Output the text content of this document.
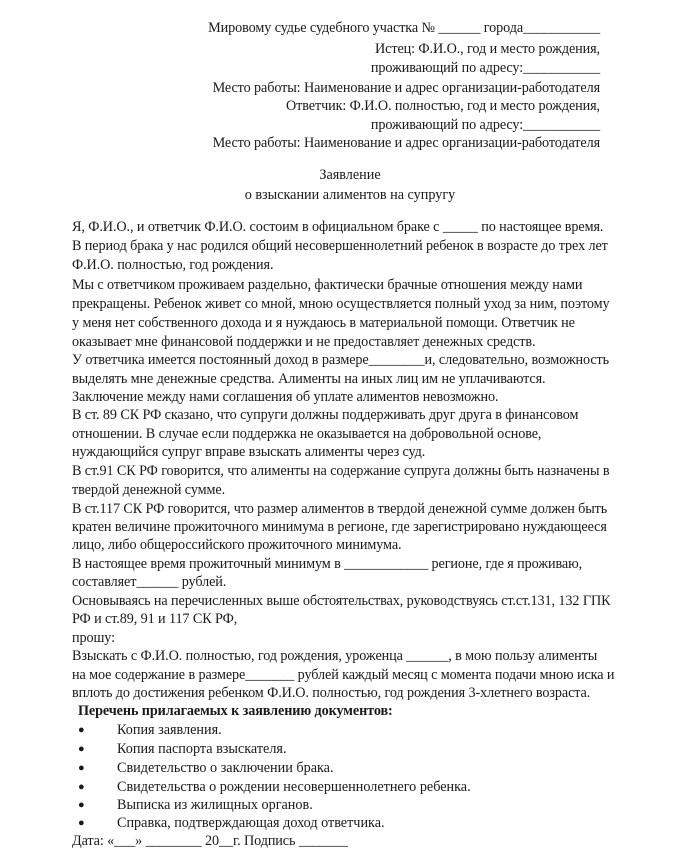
Мировому судье судебного участка № ______ города___________
Истец: Ф.И.О., год и место рождения,
проживающий по адресу:___________
Место работы: Наименование и адрес организации-работодателя
Ответчик: Ф.И.О. полностью, год и место рождения,
проживающий по адресу:___________
Место работы: Наименование и адрес организации-работодателя
Заявление
о взыскании алиментов на супругу
Я, Ф.И.О., и ответчик Ф.И.О. состоим в официальном браке с _____ по настоящее время.
В период брака у нас родился общий несовершеннолетний ребенок в возрасте до трех лет
Ф.И.О. полностью, год рождения.
Мы с ответчиком проживаем раздельно, фактически брачные отношения между нами
прекращены. Ребенок живет со мной, мною осуществляется полный уход за ним, поэтому
у меня нет собственного дохода и я нуждаюсь в материальной помощи. Ответчик не
оказывает мне финансовой поддержки и не предоставляет денежных средств.
У ответчика имеется постоянный доход в размере________и, следовательно, возможность
выделять мне денежные средства. Алименты на иных лиц им не уплачиваются.
Заключение между нами соглашения об уплате алиментов невозможно.
В ст. 89 СК РФ сказано, что супруги должны поддерживать друг друга в финансовом
отношении. В случае если поддержка не оказывается на добровольной основе,
нуждающийся супруг вправе взыскать алименты через суд.
В ст.91 СК РФ говорится, что алименты на содержание супруга должны быть назначены в
твердой денежной сумме.
В ст.117 СК РФ говорится, что размер алиментов в твердой денежной сумме должен быть
кратен величине прожиточного минимума в регионе, где зарегистрировано нуждающееся
лицо, либо общероссийского прожиточного минимума.
В настоящее время прожиточный минимум в ____________ регионе, где я проживаю,
составляет______ рублей.
Основываясь на перечисленных выше обстоятельствах, руководствуясь ст.ст.131, 132 ГПК
РФ и ст.89, 91 и 117 СК РФ,
прошу:
Взыскать с Ф.И.О. полностью, год рождения, уроженца ______, в мою пользу алименты
на мое содержание в размере_______ рублей каждый месяц с момента подачи мною иска и
вплоть до достижения ребенком Ф.И.О. полностью, год рождения 3-хлетнего возраста.
Перечень прилагаемых к заявлению документов:
● Копия заявления.
● Копия паспорта взыскателя.
● Свидетельство о заключении брака.
● Свидетельства о рождении несовершеннолетнего ребенка.
● Выписка из жилищных органов.
● Справка, подтверждающая доход ответчика.
Дата: «___» ________ 20__г. Подпись _______
